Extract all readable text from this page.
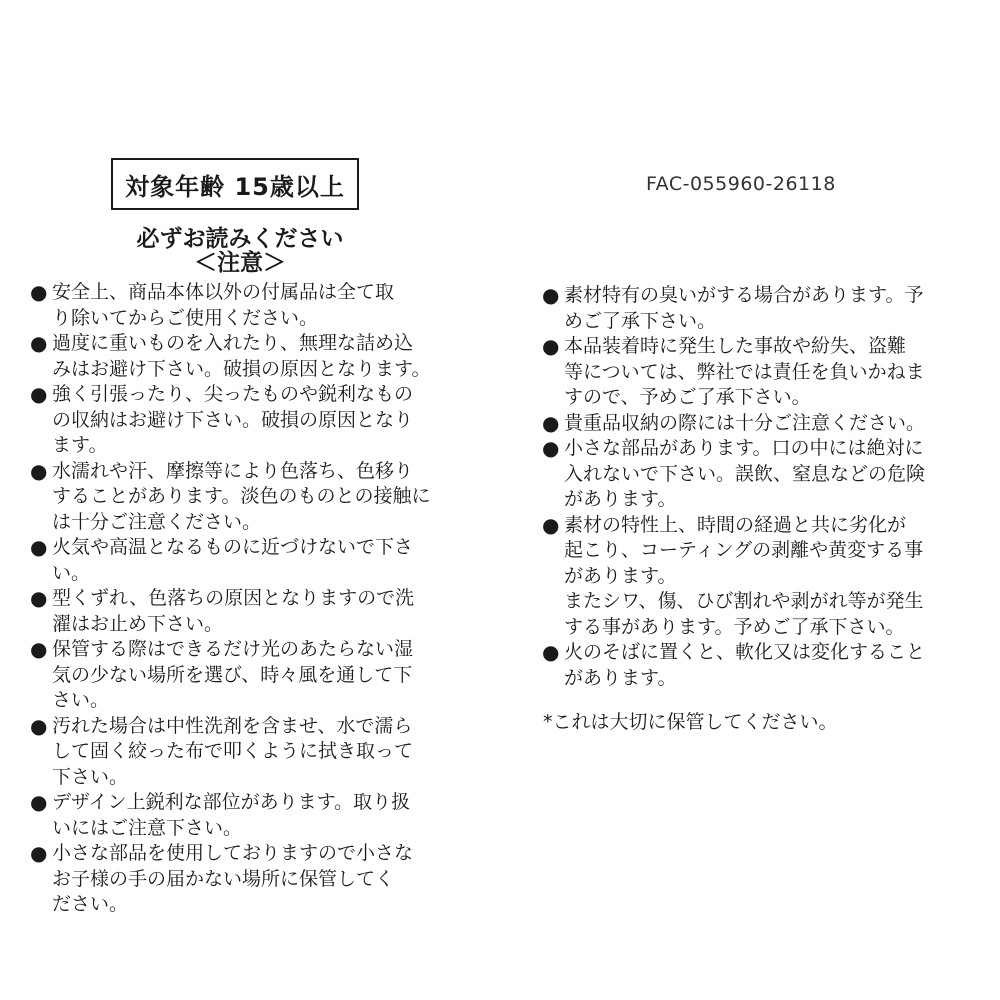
対象年齢 15歳以上	FAC-055960-26118
必ずお読みください
＜注意＞
● 安全上、商品本体以外の付属品は全て取
り除いてからご使用ください。
● 過度に重いものを入れたり、無理な詰め込
みはお避け下さい。破損の原因となります。
● 強く引張ったり、尖ったものや鋭利なもの
の収納はお避け下さい。破損の原因となり
ます。
● 水濡れや汗、摩擦等により色落ち、色移り
することがあります。淡色のものとの接触に
は十分ご注意ください。
● 火気や高温となるものに近づけないで下さ
い。
● 型くずれ、色落ちの原因となりますので洗
濯はお止め下さい。
● 保管する際はできるだけ光のあたらない湿
気の少ない場所を選び、時々風を通して下
さい。
● 汚れた場合は中性洗剤を含ませ、水で濡ら
して固く絞った布で叩くように拭き取って
下さい。
● デザイン上鋭利な部位があります。取り扱
いにはご注意下さい。
● 小さな部品を使用しておりますので小さな
お子様の手の届かない場所に保管してく
ださい。
● 素材特有の臭いがする場合があります。予
めご了承下さい。
● 本品装着時に発生した事故や紛失、盗難
等については、弊社では責任を負いかねま
すので、予めご了承下さい。
● 貴重品収納の際には十分ご注意ください。
● 小さな部品があります。口の中には絶対に
入れないで下さい。誤飲、窒息などの危険
があります。
● 素材の特性上、時間の経過と共に劣化が
起こり、コーティングの剥離や黄変する事
があります。
またシワ、傷、ひび割れや剥がれ等が発生
する事があります。予めご了承下さい。
● 火のそばに置くと、軟化又は変化すること
があります。
*これは大切に保管してください。
